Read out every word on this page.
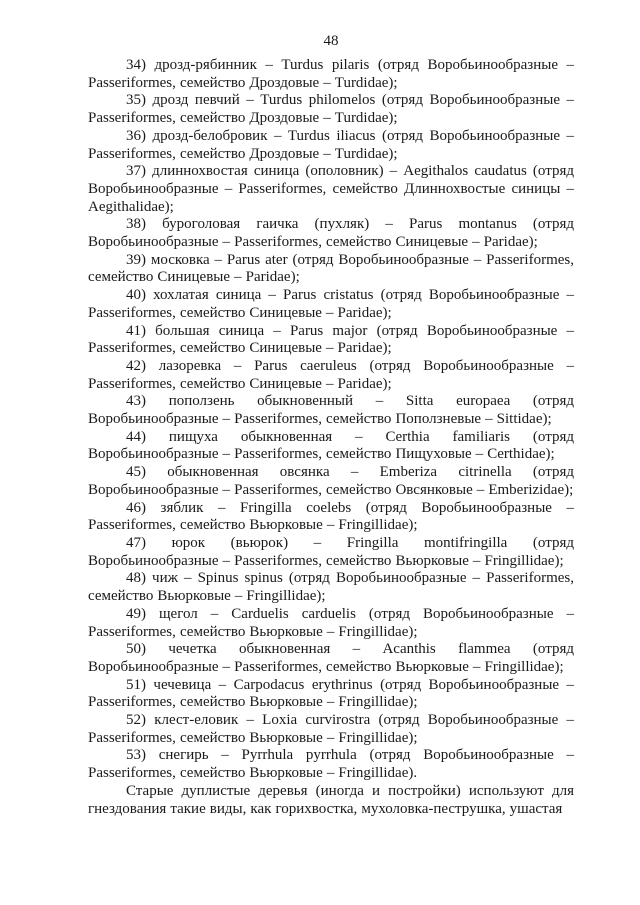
48

34) дрозд-рябинник – Turdus pilaris (отряд Воробьинообразные – Passeriformes, семейство Дроздовые – Turdidae);

35) дрозд певчий – Turdus philomelos (отряд Воробьинообразные – Passeriformes, семейство Дроздовые – Turdidae);

36) дрозд-белобровик – Turdus iliacus (отряд Воробьинообразные – Passeriformes, семейство Дроздовые – Turdidae);

37) длиннохвостая синица (ополовник) – Aegithalos caudatus (отряд Воробьинообразные – Passeriformes, семейство Длиннохвостые синицы – Aegithalidae);

38) буроголовая гаичка (пухляк) – Parus montanus (отряд Воробьинообразные – Passeriformes, семейство Синицевые – Paridae);

39) московка – Parus ater (отряд Воробьинообразные – Passeriformes, семейство Синицевые – Paridae);

40) хохлатая синица – Parus cristatus (отряд Воробьинообразные – Passeriformes, семейство Синицевые – Paridae);

41) большая синица – Parus major (отряд Воробьинообразные – Passeriformes, семейство Синицевые – Paridae);

42) лазоревка – Parus caeruleus (отряд Воробьинообразные – Passeriformes, семейство Синицевые – Paridae);

43) поползень обыкновенный – Sitta europaea (отряд Воробьинообразные – Passeriformes, семейство Поползневые – Sittidae);

44) пищуха обыкновенная – Certhia familiaris (отряд Воробьинообразные – Passeriformes, семейство Пищуховые – Certhidae);

45) обыкновенная овсянка – Emberiza citrinella (отряд Воробьинообразные – Passeriformes, семейство Овсянковые – Emberizidae);

46) зяблик – Fringilla coelebs (отряд Воробьинообразные – Passeriformes, семейство Вьюрковые – Fringillidae);

47) юрок (вьюрок) – Fringilla montifringilla (отряд Воробьинообразные – Passeriformes, семейство Вьюрковые – Fringillidae);

48) чиж – Spinus spinus (отряд Воробьинообразные – Passeriformes, семейство Вьюрковые – Fringillidae);

49) щегол – Carduelis carduelis (отряд Воробьинообразные – Passeriformes, семейство Вьюрковые – Fringillidae);

50) чечетка обыкновенная – Acanthis flammea (отряд Воробьинообразные – Passeriformes, семейство Вьюрковые – Fringillidae);

51) чечевица – Carpodacus erythrinus (отряд Воробьинообразные – Passeriformes, семейство Вьюрковые – Fringillidae);

52) клест-еловик – Loxia curvirostra (отряд Воробьинообразные – Passeriformes, семейство Вьюрковые – Fringillidae);

53) снегирь – Pyrrhula pyrrhula (отряд Воробьинообразные – Passeriformes, семейство Вьюрковые – Fringillidae).

Старые дуплистые деревья (иногда и постройки) используют для гнездования такие виды, как горихвостка, мухоловка-пеструшка, ушастая
